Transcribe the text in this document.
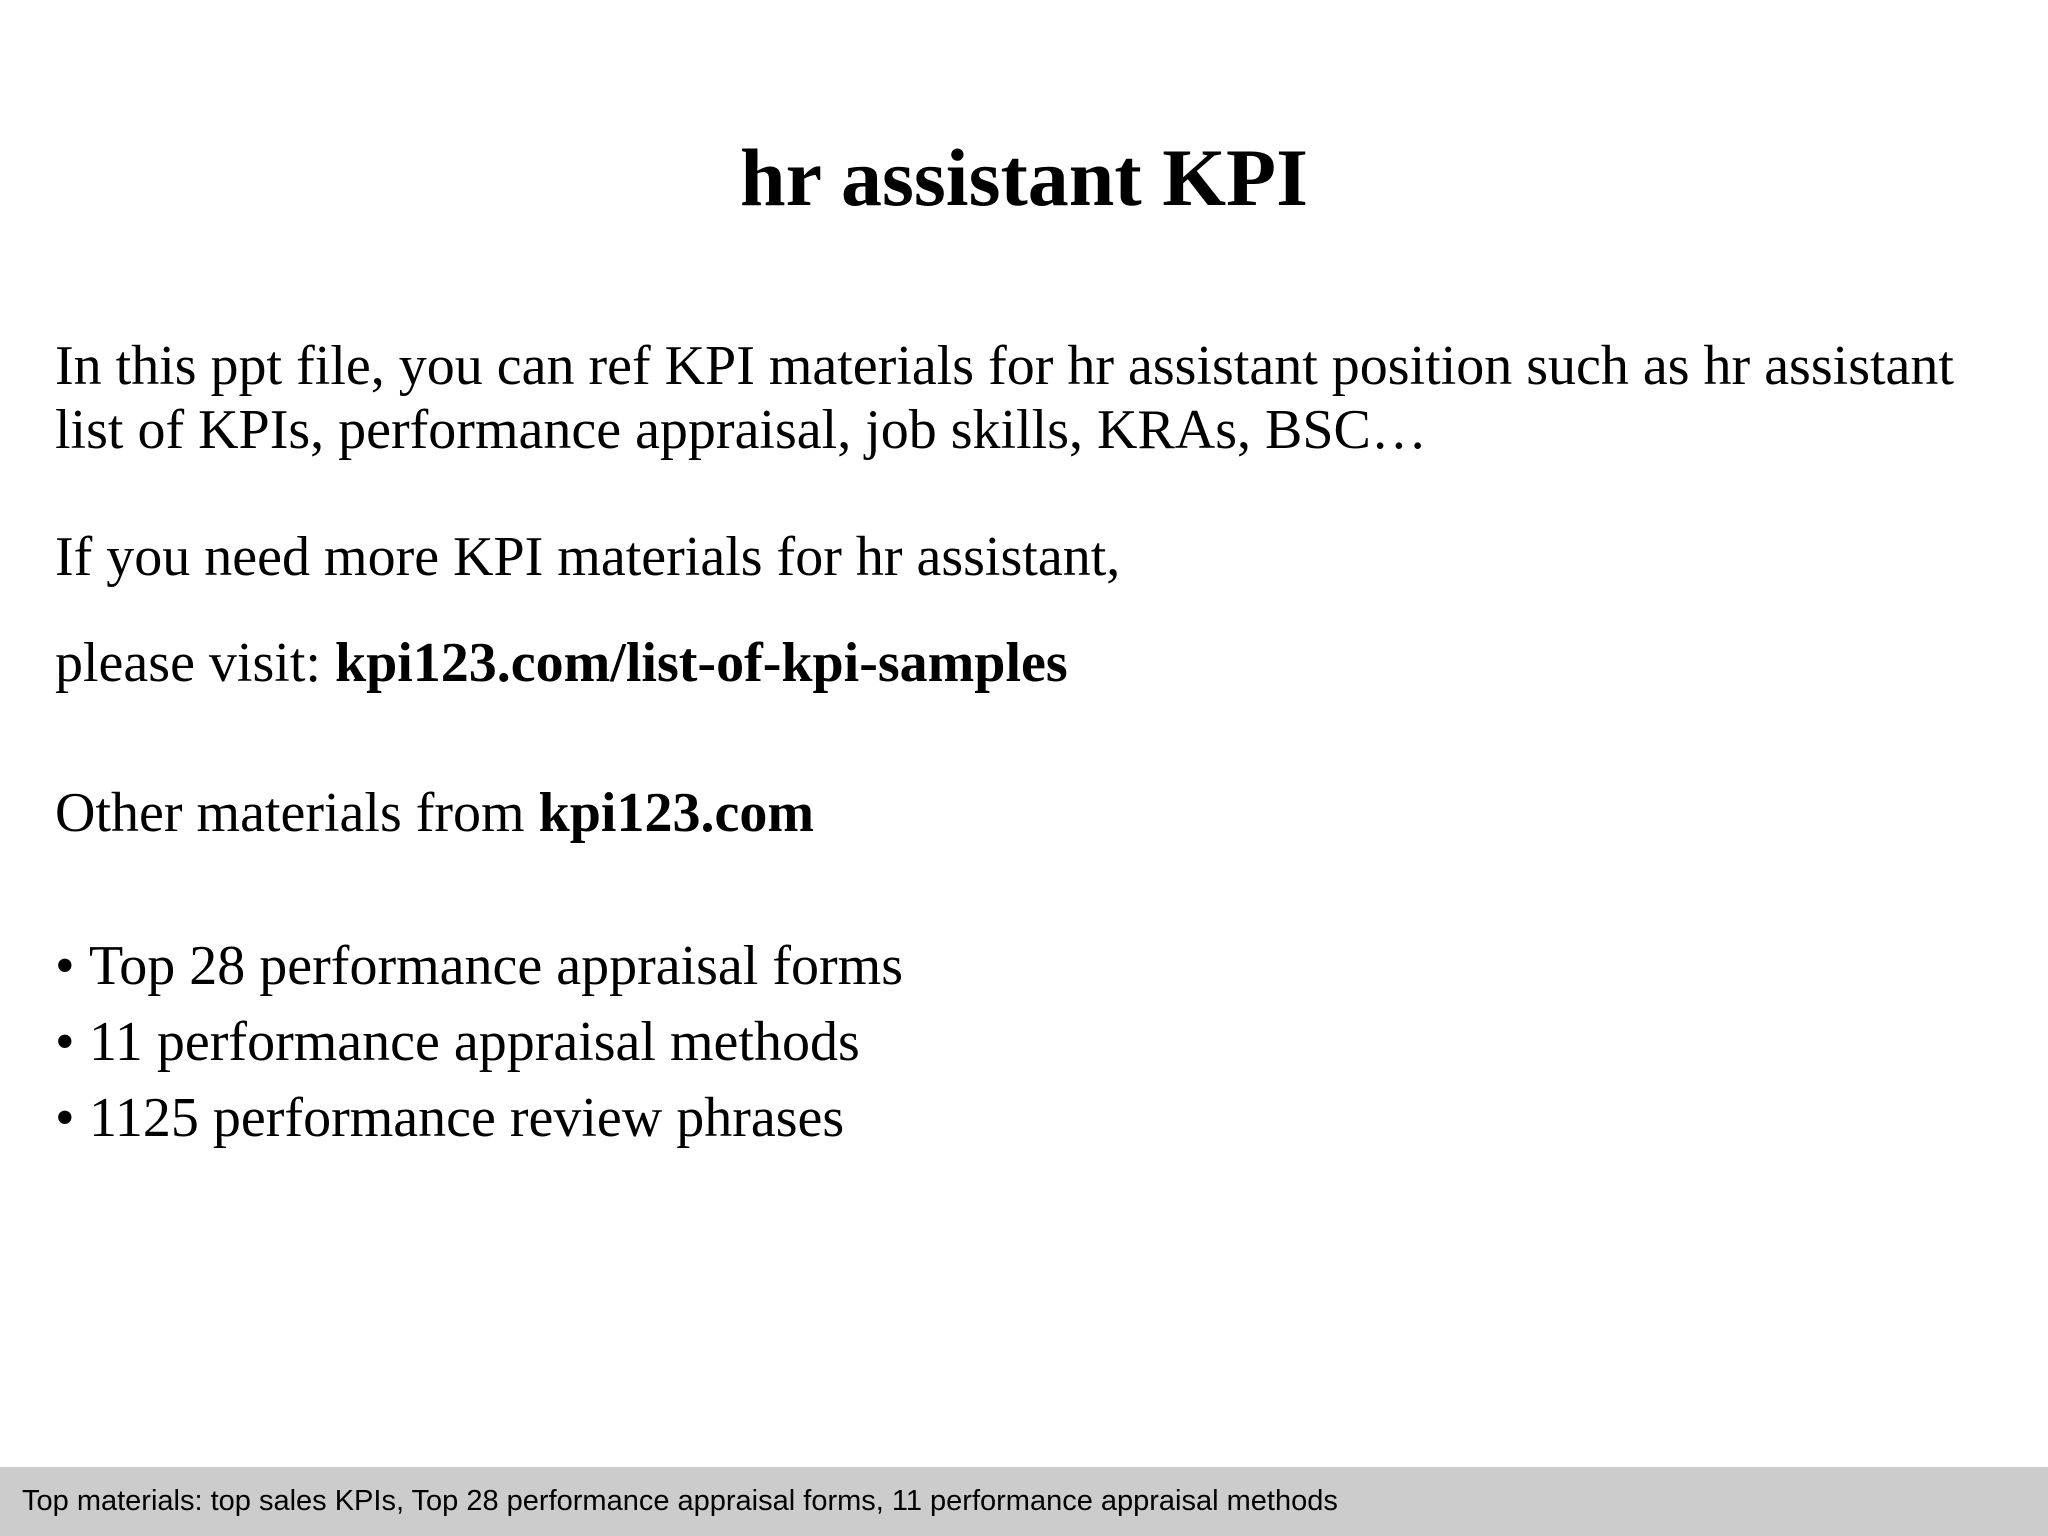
hr assistant KPI

In this ppt file, you can ref KPI materials for hr assistant position such as hr assistant list of KPIs, performance appraisal, job skills, KRAs, BSC…

If you need more KPI materials for hr assistant,

please visit: kpi123.com/list-of-kpi-samples

Other materials from kpi123.com

• Top 28 performance appraisal forms
• 11 performance appraisal methods
• 1125 performance review phrases
Top materials: top sales KPIs, Top 28 performance appraisal forms, 11 performance appraisal methods
